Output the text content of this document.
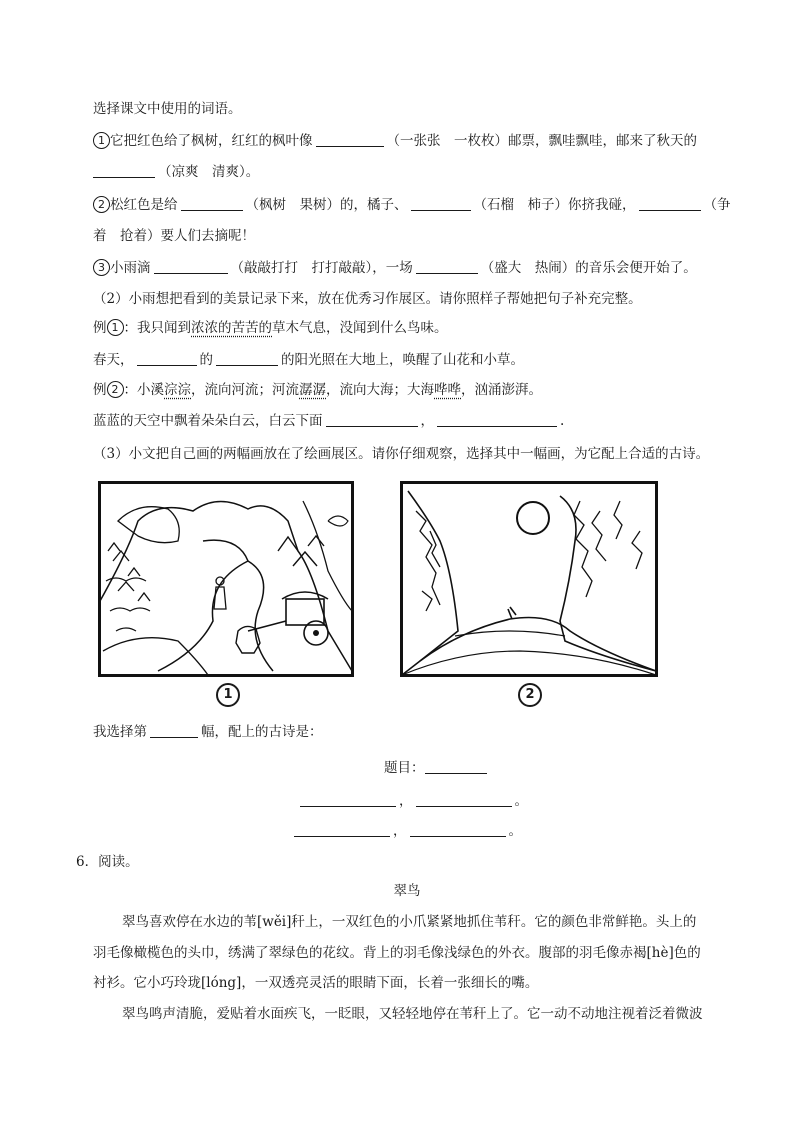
选择课文中使用的词语。
1 它把红色给了枫树，红红的枫叶像	（一张张　一枚枚）邮票，飘哇飘哇，邮来了秋天的
（凉爽　清爽）。
2 松红色是给	（枫树　果树）的，橘子、	（石榴　柿子）你挤我碰，	（争
着　抢着）要人们去摘呢！
3 小雨滴	（敲敲打打　打打敲敲），一场	（盛大　热闹）的音乐会便开始了。
（2）小雨想把看到的美景记录下来，放在优秀习作展区。请你照样子帮她把句子补充完整。
例 1 ：我只闻到浓浓的苦苦的草木气息，没闻到什么鸟味。
春天，	的	的阳光照在大地上，唤醒了山花和小草。
例 2 ：小溪淙淙，流向河流；河流潺潺，流向大海；大海哗哗，汹涌澎湃。
蓝蓝的天空中飘着朵朵白云，白云下面	，	.
（3）小文把自己画的两幅画放在了绘画展区。请你仔细观察，选择其中一幅画，为它配上合适的古诗。
1	2
我选择第	幅，配上的古诗是：
题目：
，	。
，	。
6．阅读。
翠鸟
翠鸟喜欢停在水边的苇[wěi]秆上，一双红色的小爪紧紧地抓住苇秆。它的颜色非常鲜艳。头上的
羽毛像橄榄色的头巾，绣满了翠绿色的花纹。背上的羽毛像浅绿色的外衣。腹部的羽毛像赤褐[hè]色的
衬衫。它小巧玲珑[lóng]，一双透亮灵活的眼睛下面，长着一张细长的嘴。
翠鸟鸣声清脆，爱贴着水面疾飞，一眨眼，又轻轻地停在苇秆上了。它一动不动地注视着泛着微波
